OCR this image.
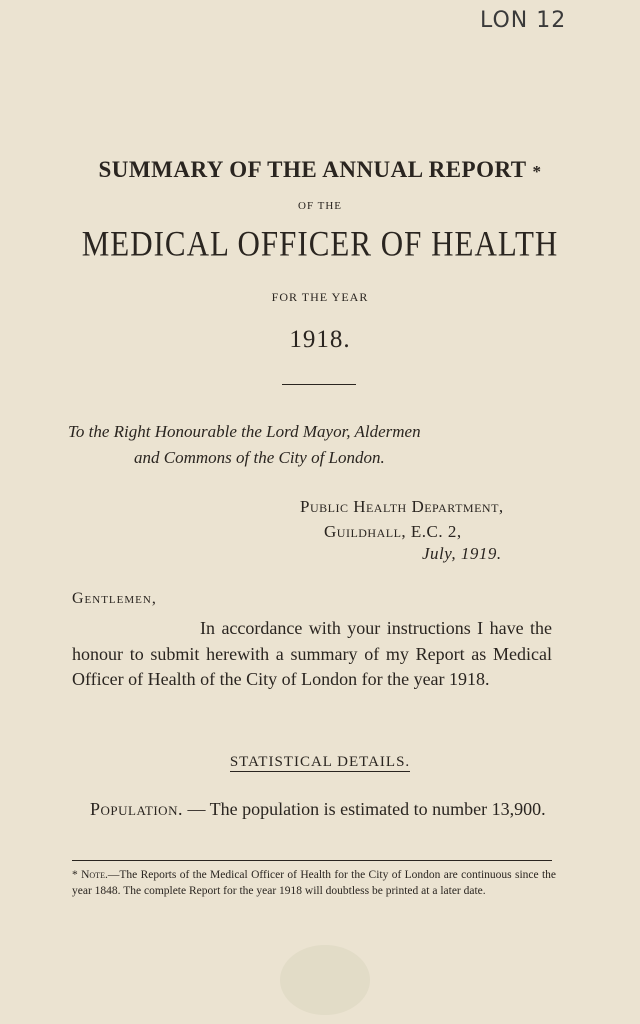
LON 12
SUMMARY OF THE ANNUAL REPORT *
OF THE
MEDICAL OFFICER OF HEALTH
FOR THE YEAR
1918.
To the Right Honourable the Lord Mayor, Aldermen
and Commons of the City of London.
Public Health Department,
Guildhall, E.C. 2,
July, 1919.
Gentlemen,
In accordance with your instructions I have the honour to submit herewith a summary of my Report as Medical Officer of Health of the City of London for the year 1918.
STATISTICAL DETAILS.
Population. — The population is estimated to number 13,900.
* Note.—The Reports of the Medical Officer of Health for the City of London are continuous since the year 1848. The complete Report for the year 1918 will doubtless be printed at a later date.
